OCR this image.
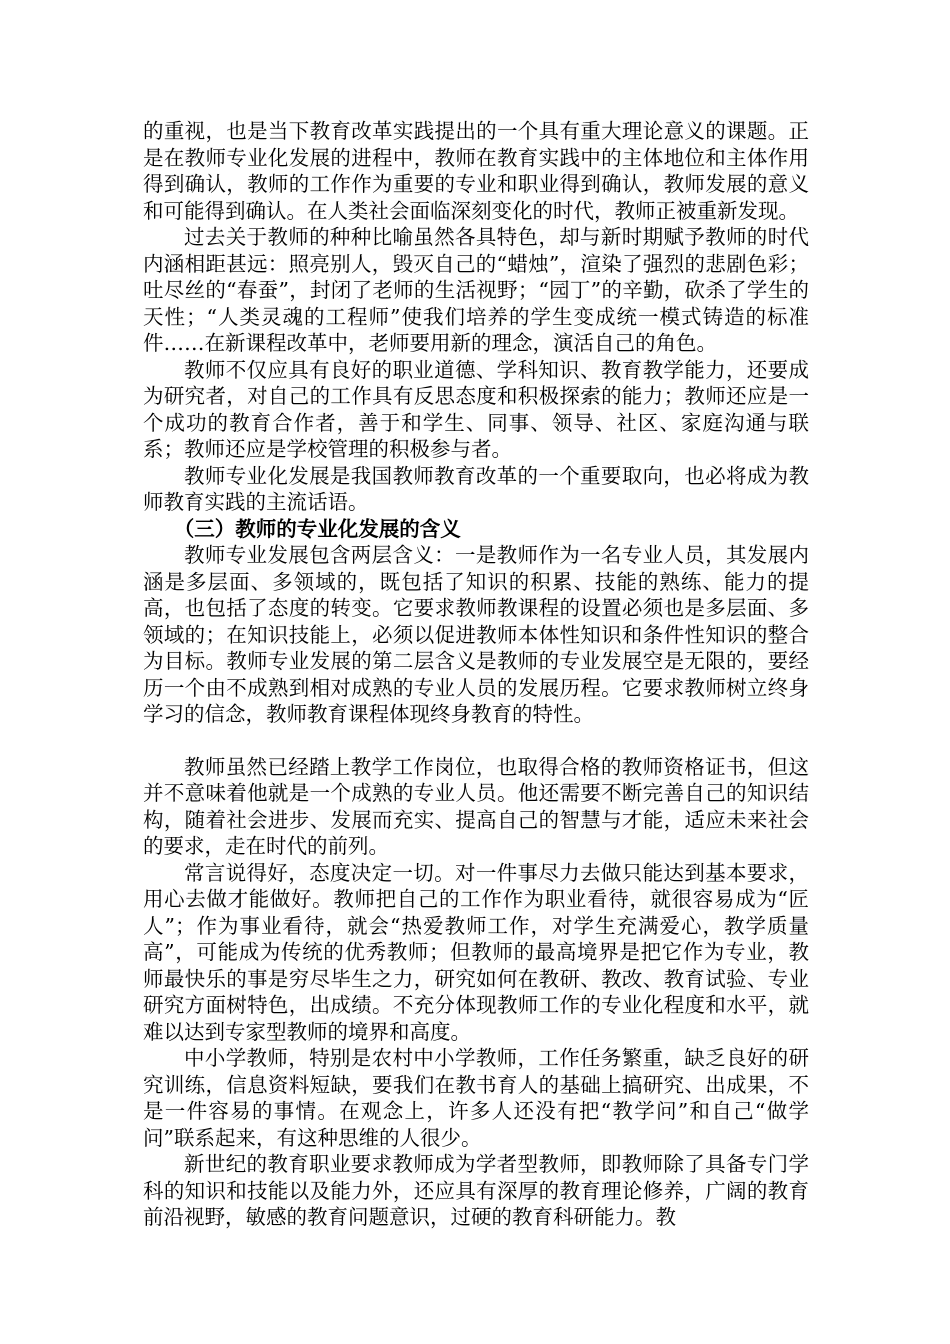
的重视，也是当下教育改革实践提出的一个具有重大理论意义的课题。正是在教师专业化发展的进程中，教师在教育实践中的主体地位和主体作用得到确认，教师的工作作为重要的专业和职业得到确认，教师发展的意义和可能得到确认。在人类社会面临深刻变化的时代，教师正被重新发现。

过去关于教师的种种比喻虽然各具特色，却与新时期赋予教师的时代内涵相距甚远：照亮别人，毁灭自己的“蜡烛”，渲染了强烈的悲剧色彩；吐尽丝的“春蚕”，封闭了老师的生活视野；“园丁”的辛勤，砍杀了学生的天性；“人类灵魂的工程师”使我们培养的学生变成统一模式铸造的标准件……在新课程改革中，老师要用新的理念，演活自己的角色。

教师不仅应具有良好的职业道德、学科知识、教育教学能力，还要成为研究者，对自己的工作具有反思态度和积极探索的能力；教师还应是一个成功的教育合作者，善于和学生、同事、领导、社区、家庭沟通与联系；教师还应是学校管理的积极参与者。

教师专业化发展是我国教师教育改革的一个重要取向，也必将成为教师教育实践的主流话语。

（三）教师的专业化发展的含义

教师专业发展包含两层含义：一是教师作为一名专业人员，其发展内涵是多层面、多领域的，既包括了知识的积累、技能的熟练、能力的提高，也包括了态度的转变。它要求教师教课程的设置必须也是多层面、多领域的；在知识技能上，必须以促进教师本体性知识和条件性知识的整合为目标。教师专业发展的第二层含义是教师的专业发展空是无限的，要经历一个由不成熟到相对成熟的专业人员的发展历程。它要求教师树立终身学习的信念，教师教育课程体现终身教育的特性。

教师虽然已经踏上教学工作岗位，也取得合格的教师资格证书，但这并不意味着他就是一个成熟的专业人员。他还需要不断完善自己的知识结构，随着社会进步、发展而充实、提高自己的智慧与才能，适应未来社会的要求，走在时代的前列。

常言说得好，态度决定一切。对一件事尽力去做只能达到基本要求，用心去做才能做好。教师把自己的工作作为职业看待，就很容易成为“匠人”；作为事业看待，就会“热爱教师工作，对学生充满爱心，教学质量高”，可能成为传统的优秀教师；但教师的最高境界是把它作为专业，教师最快乐的事是穷尽毕生之力，研究如何在教研、教改、教育试验、专业研究方面树特色，出成绩。不充分体现教师工作的专业化程度和水平，就难以达到专家型教师的境界和高度。

中小学教师，特别是农村中小学教师，工作任务繁重，缺乏良好的研究训练，信息资料短缺，要我们在教书育人的基础上搞研究、出成果，不是一件容易的事情。在观念上，许多人还没有把“教学问”和自己“做学问”联系起来，有这种思维的人很少。

新世纪的教育职业要求教师成为学者型教师，即教师除了具备专门学科的知识和技能以及能力外，还应具有深厚的教育理论修养，广阔的教育前沿视野，敏感的教育问题意识，过硬的教育科研能力。教
